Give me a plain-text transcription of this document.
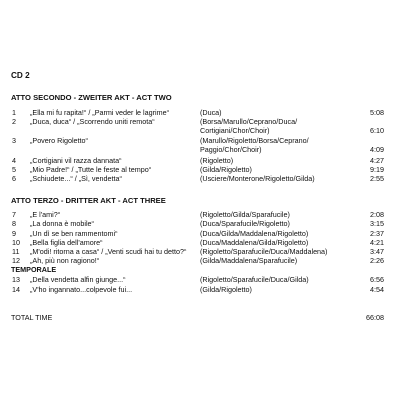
CD 2
ATTO SECONDO - ZWEITER AKT - ACT TWO
1	„Ella mi fu rapita!“ / „Parmi veder le lagrime“	(Duca)	5:08
2	„Duca, duca“ / „Scorrendo uniti remota“	(Borsa/Marullo/Ceprano/Duca/
Cortigiani/Chor/Choir)	6:10
3	„Povero Rigoletto“	(Marullo/Rigoletto/Borsa/Ceprano/
Paggio/Chor/Choir)	4:09
4	„Cortigiani vil razza dannata“	(Rigoletto)	4:27
5	„Mio Padre!“ / „Tutte le feste al tempo“	(Gilda/Rigoletto)	9:19
6	„Schiudete...“ / „Sì, vendetta“	(Usciere/Monterone/Rigoletto/Gilda)	2:55
ATTO TERZO - DRITTER AKT - ACT THREE
7	„E l'ami?“	(Rigoletto/Gilda/Sparafucile)	2:08
8	„La donna è mobile“	(Duca/Sparafucile/Rigoletto)	3:15
9	„Un dì se ben rammentomi“	(Duca/Gilda/Maddalena/Rigoletto)	2:37
10	„Bella figlia dell'amore“	(Duca/Maddalena/Gilda/Rigoletto)	4:21
11	„M'odi! ritorna a casa“ / „Venti scudi hai tu detto?“ (Rigoletto/Sparafucile/Duca/Maddalena)	3:47
12	„Ah, più non ragiono!“	(Gilda/Maddalena/Sparafucile)	2:26
TEMPORALE
13	„Della vendetta alfin giunge...“	(Rigoletto/Sparafucile/Duca/Gilda)	6:56
14	„V'ho ingannato...colpevole fui...	(Gilda/Rigoletto)	4:54
TOTAL TIME	66:08
